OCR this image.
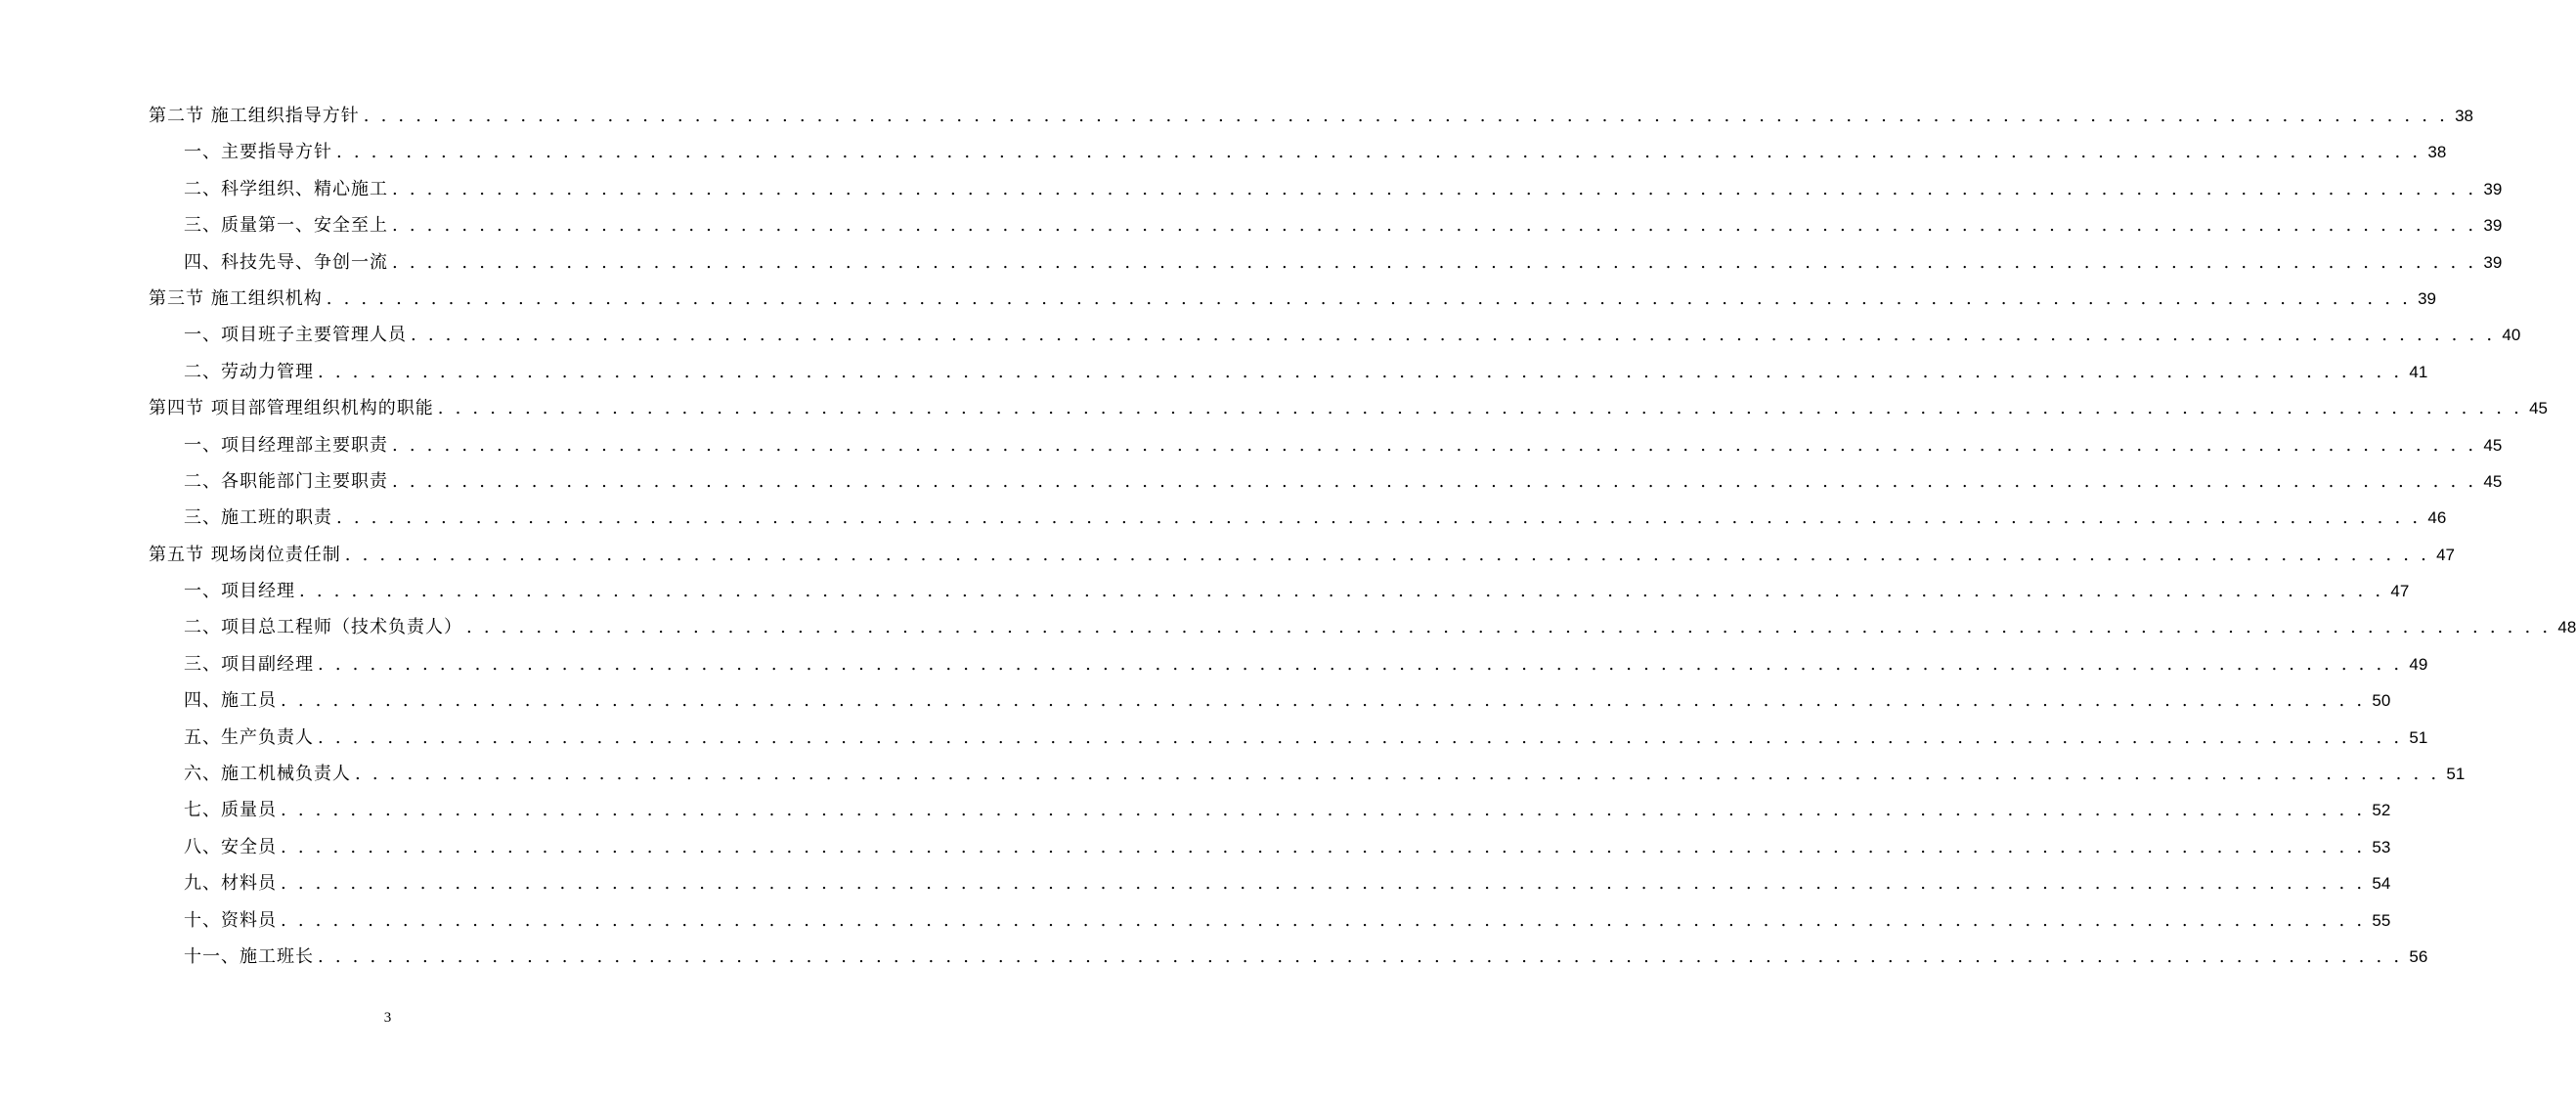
第二节 施工组织指导方针 . . . . . . . . . . . . . . . . . . . . . . . . . . . . . . . . . . . . . . . . . . . . . . . . . . . . . . . . . . . . . . . . . . . . . . . . . . . . . . . . . . . . . . . . . . . . . . . . . . . . . . . . . . . . . . . . . . . . . . . . 38
一、主要指导方针 . . . . . . . . . . . . . . . . . . . . . . . . . . . . . . . . . . . . . . . . . . . . . . . . . . . . . . . . . . . . . . . . . . . . . . . . . . . . . . . . . . . . . . . . . . . . . . . . . . . . . . . . . . . . . . . . . . . . . . . . 38
二、科学组织、精心施工 . . . . . . . . . . . . . . . . . . . . . . . . . . . . . . . . . . . . . . . . . . . . . . . . . . . . . . . . . . . . . . . . . . . . . . . . . . . . . . . . . . . . . . . . . . . . . . . . . . . . . . . . . . . . . . . . . . . . . . . . 39
三、质量第一、安全至上 . . . . . . . . . . . . . . . . . . . . . . . . . . . . . . . . . . . . . . . . . . . . . . . . . . . . . . . . . . . . . . . . . . . . . . . . . . . . . . . . . . . . . . . . . . . . . . . . . . . . . . . . . . . . . . . . . . . . . . . . 39
四、科技先导、争创一流 . . . . . . . . . . . . . . . . . . . . . . . . . . . . . . . . . . . . . . . . . . . . . . . . . . . . . . . . . . . . . . . . . . . . . . . . . . . . . . . . . . . . . . . . . . . . . . . . . . . . . . . . . . . . . . . . . . . . . . . . 39
第三节 施工组织机构 . . . . . . . . . . . . . . . . . . . . . . . . . . . . . . . . . . . . . . . . . . . . . . . . . . . . . . . . . . . . . . . . . . . . . . . . . . . . . . . . . . . . . . . . . . . . . . . . . . . . . . . . . . . . . . . . . . . . . . . . 39
一、项目班子主要管理人员 . . . . . . . . . . . . . . . . . . . . . . . . . . . . . . . . . . . . . . . . . . . . . . . . . . . . . . . . . . . . . . . . . . . . . . . . . . . . . . . . . . . . . . . . . . . . . . . . . . . . . . . . . . . . . . . . . . . . . . . . 40
二、劳动力管理 . . . . . . . . . . . . . . . . . . . . . . . . . . . . . . . . . . . . . . . . . . . . . . . . . . . . . . . . . . . . . . . . . . . . . . . . . . . . . . . . . . . . . . . . . . . . . . . . . . . . . . . . . . . . . . . . . . . . . . . . 41
第四节 项目部管理组织机构的职能 . . . . . . . . . . . . . . . . . . . . . . . . . . . . . . . . . . . . . . . . . . . . . . . . . . . . . . . . . . . . . . . . . . . . . . . . . . . . . . . . . . . . . . . . . . . . . . . . . . . . . . . . . . . . . . . . . . . . . . . . 45
一、项目经理部主要职责 . . . . . . . . . . . . . . . . . . . . . . . . . . . . . . . . . . . . . . . . . . . . . . . . . . . . . . . . . . . . . . . . . . . . . . . . . . . . . . . . . . . . . . . . . . . . . . . . . . . . . . . . . . . . . . . . . . . . . . . . 45
二、各职能部门主要职责 . . . . . . . . . . . . . . . . . . . . . . . . . . . . . . . . . . . . . . . . . . . . . . . . . . . . . . . . . . . . . . . . . . . . . . . . . . . . . . . . . . . . . . . . . . . . . . . . . . . . . . . . . . . . . . . . . . . . . . . . 45
三、施工班的职责 . . . . . . . . . . . . . . . . . . . . . . . . . . . . . . . . . . . . . . . . . . . . . . . . . . . . . . . . . . . . . . . . . . . . . . . . . . . . . . . . . . . . . . . . . . . . . . . . . . . . . . . . . . . . . . . . . . . . . . . . 46
第五节 现场岗位责任制 . . . . . . . . . . . . . . . . . . . . . . . . . . . . . . . . . . . . . . . . . . . . . . . . . . . . . . . . . . . . . . . . . . . . . . . . . . . . . . . . . . . . . . . . . . . . . . . . . . . . . . . . . . . . . . . . . . . . . . . . 47
一、项目经理 . . . . . . . . . . . . . . . . . . . . . . . . . . . . . . . . . . . . . . . . . . . . . . . . . . . . . . . . . . . . . . . . . . . . . . . . . . . . . . . . . . . . . . . . . . . . . . . . . . . . . . . . . . . . . . . . . . . . . . . . 47
二、项目总工程师（技术负责人） . . . . . . . . . . . . . . . . . . . . . . . . . . . . . . . . . . . . . . . . . . . . . . . . . . . . . . . . . . . . . . . . . . . . . . . . . . . . . . . . . . . . . . . . . . . . . . . . . . . . . . . . . . . . . . . . . . . . . . . . 48
三、项目副经理 . . . . . . . . . . . . . . . . . . . . . . . . . . . . . . . . . . . . . . . . . . . . . . . . . . . . . . . . . . . . . . . . . . . . . . . . . . . . . . . . . . . . . . . . . . . . . . . . . . . . . . . . . . . . . . . . . . . . . . . . 49
四、施工员 . . . . . . . . . . . . . . . . . . . . . . . . . . . . . . . . . . . . . . . . . . . . . . . . . . . . . . . . . . . . . . . . . . . . . . . . . . . . . . . . . . . . . . . . . . . . . . . . . . . . . . . . . . . . . . . . . . . . . . . . 50
五、生产负责人 . . . . . . . . . . . . . . . . . . . . . . . . . . . . . . . . . . . . . . . . . . . . . . . . . . . . . . . . . . . . . . . . . . . . . . . . . . . . . . . . . . . . . . . . . . . . . . . . . . . . . . . . . . . . . . . . . . . . . . . . 51
六、施工机械负责人 . . . . . . . . . . . . . . . . . . . . . . . . . . . . . . . . . . . . . . . . . . . . . . . . . . . . . . . . . . . . . . . . . . . . . . . . . . . . . . . . . . . . . . . . . . . . . . . . . . . . . . . . . . . . . . . . . . . . . . . . 51
七、质量员 . . . . . . . . . . . . . . . . . . . . . . . . . . . . . . . . . . . . . . . . . . . . . . . . . . . . . . . . . . . . . . . . . . . . . . . . . . . . . . . . . . . . . . . . . . . . . . . . . . . . . . . . . . . . . . . . . . . . . . . . 52
八、安全员 . . . . . . . . . . . . . . . . . . . . . . . . . . . . . . . . . . . . . . . . . . . . . . . . . . . . . . . . . . . . . . . . . . . . . . . . . . . . . . . . . . . . . . . . . . . . . . . . . . . . . . . . . . . . . . . . . . . . . . . . 53
九、材料员 . . . . . . . . . . . . . . . . . . . . . . . . . . . . . . . . . . . . . . . . . . . . . . . . . . . . . . . . . . . . . . . . . . . . . . . . . . . . . . . . . . . . . . . . . . . . . . . . . . . . . . . . . . . . . . . . . . . . . . . . 54
十、资料员 . . . . . . . . . . . . . . . . . . . . . . . . . . . . . . . . . . . . . . . . . . . . . . . . . . . . . . . . . . . . . . . . . . . . . . . . . . . . . . . . . . . . . . . . . . . . . . . . . . . . . . . . . . . . . . . . . . . . . . . . 55
十一、施工班长 . . . . . . . . . . . . . . . . . . . . . . . . . . . . . . . . . . . . . . . . . . . . . . . . . . . . . . . . . . . . . . . . . . . . . . . . . . . . . . . . . . . . . . . . . . . . . . . . . . . . . . . . . . . . . . . . . . . . . . . . 56
3
